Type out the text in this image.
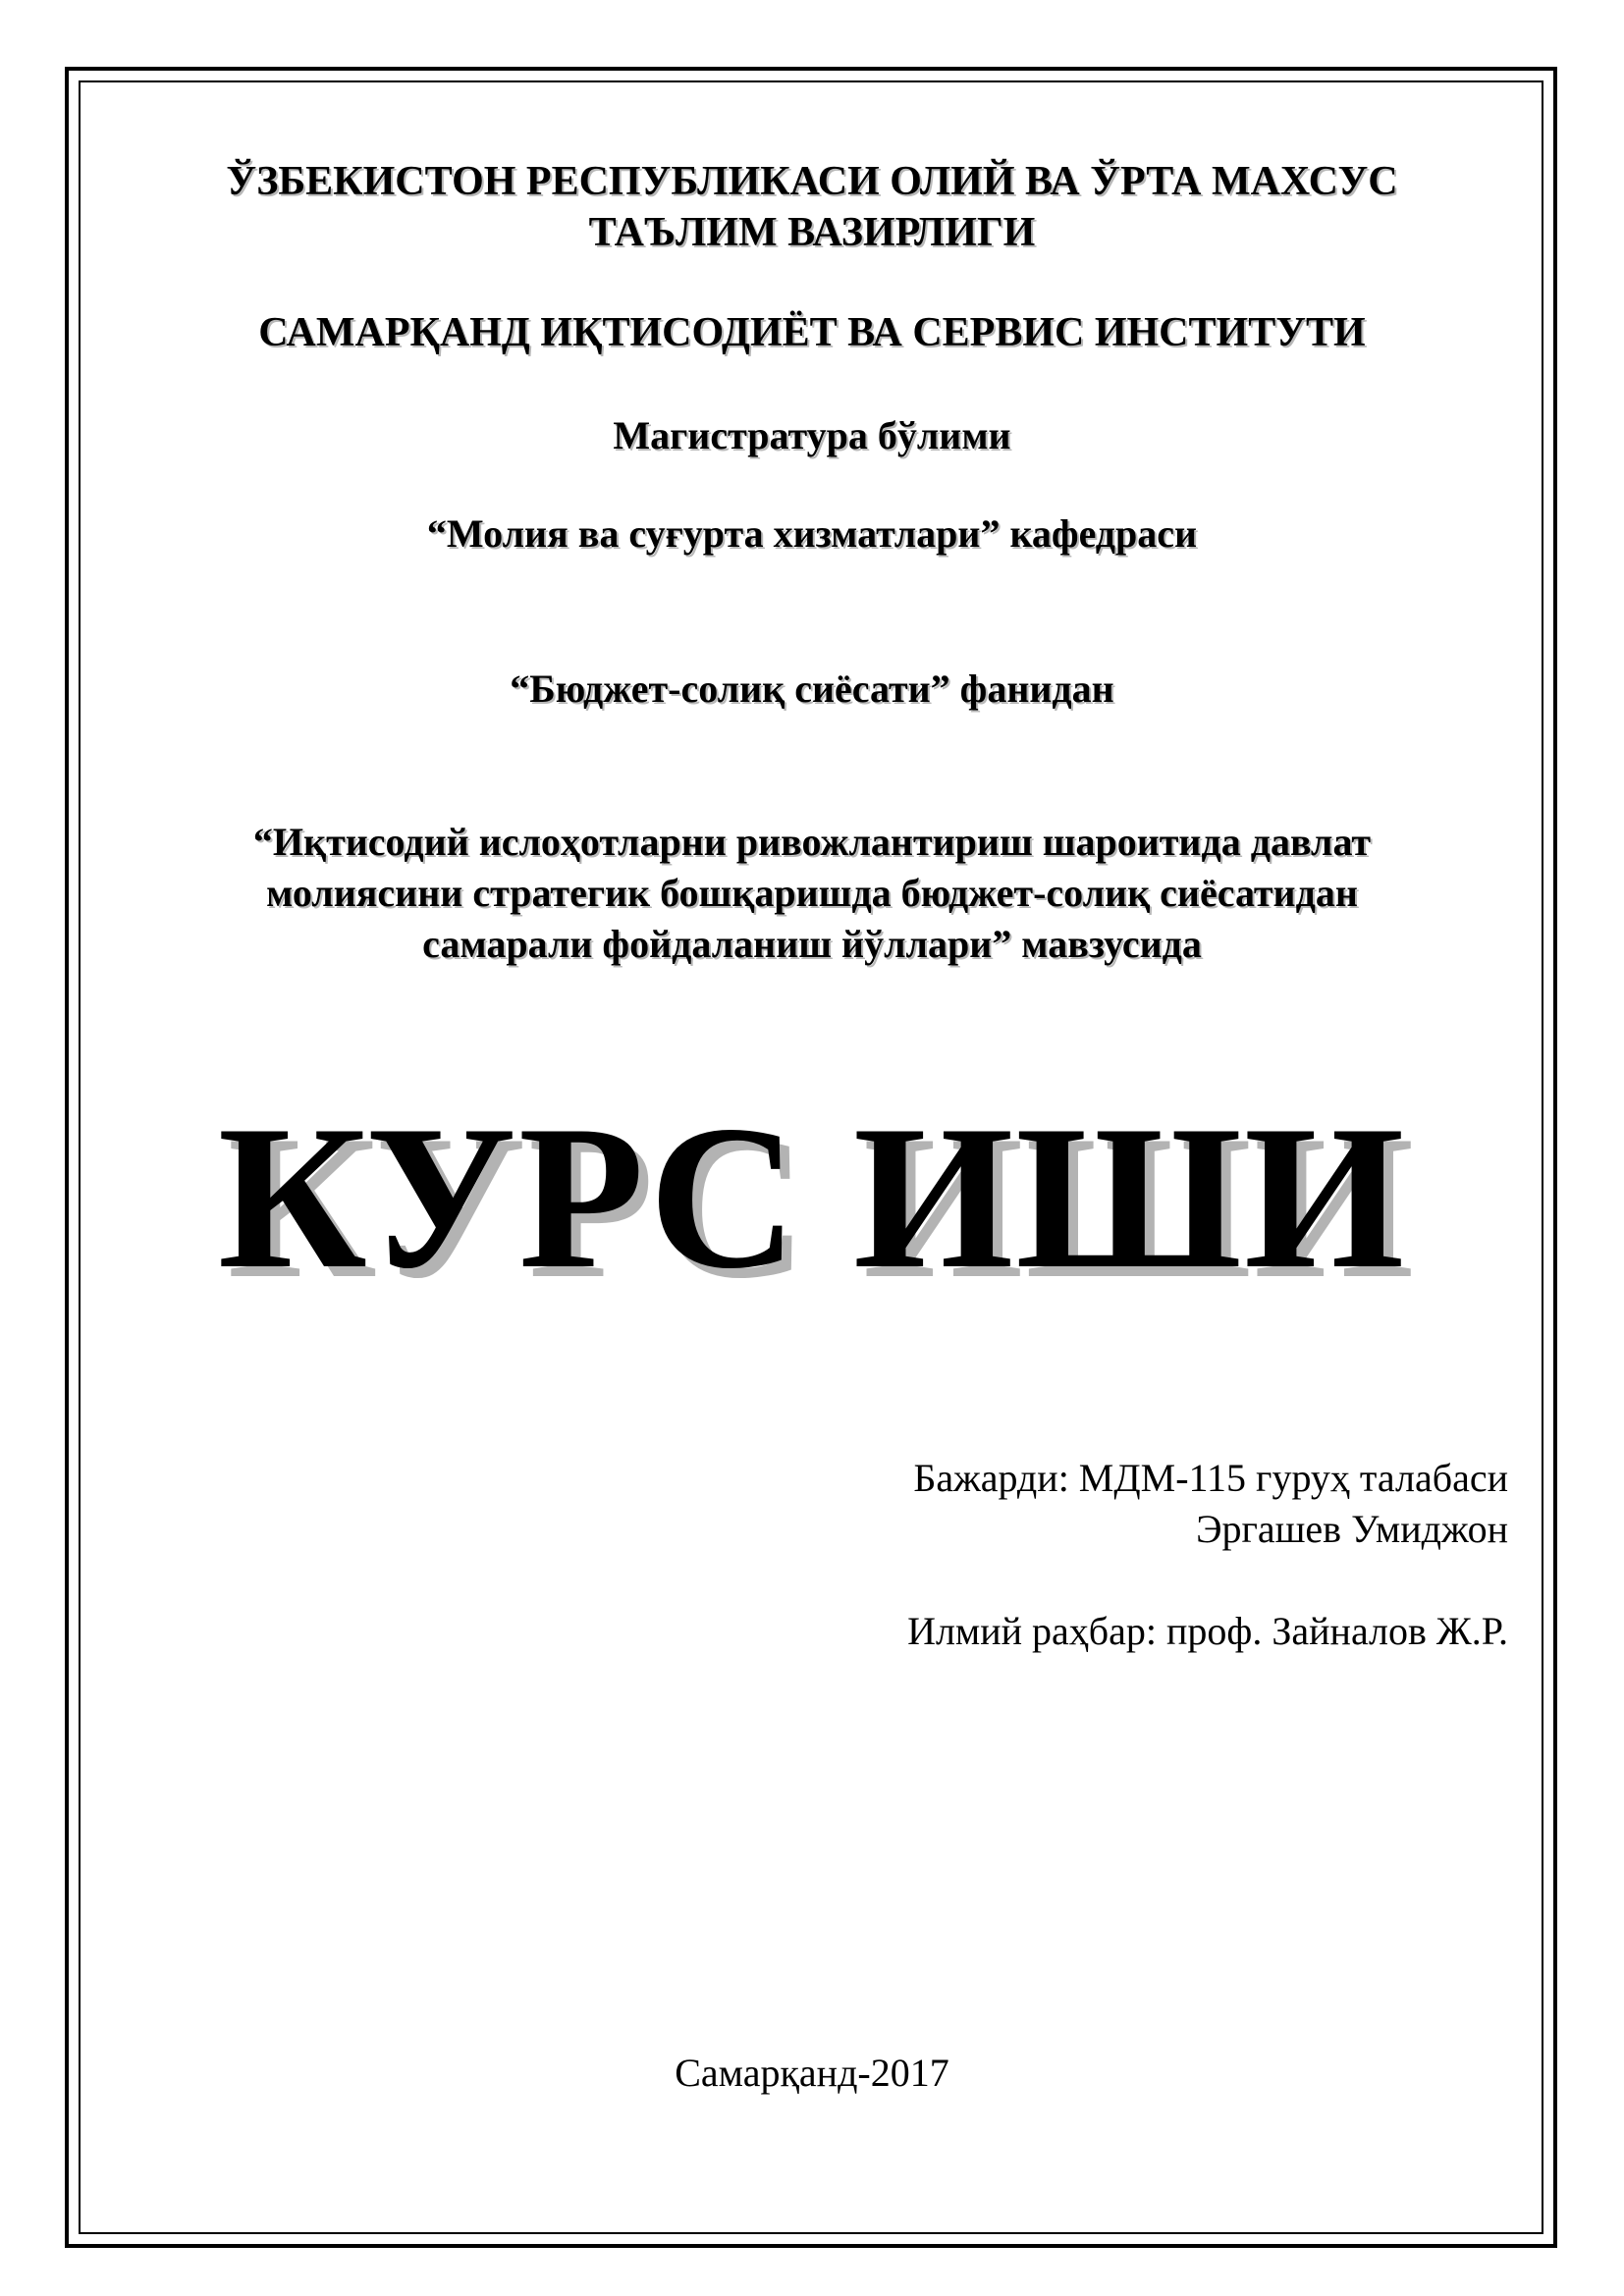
ЎЗБЕКИСТОН РЕСПУБЛИКАСИ ОЛИЙ ВА ЎРТА МАХСУС
ТАЪЛИМ ВАЗИРЛИГИ
САМАРҚАНД ИҚТИСОДИЁТ ВА СЕРВИС ИНСТИТУТИ
Магистратура бўлими
“Молия ва суғурта хизматлари” кафедраси
“Бюджет-солиқ сиёсати” фанидан
“Иқтисодий ислоҳотларни ривожлантириш шароитида давлат
молиясини стратегик бошқаришда бюджет-солиқ сиёсатидан
самарали фойдаланиш йўллари” мавзусида
КУРС ИШИ
Бажарди: МДМ-115 гуруҳ талабаси
Эргашев Умиджон
Илмий раҳбар: проф. Зайналов Ж.Р.
Самарқанд-2017
